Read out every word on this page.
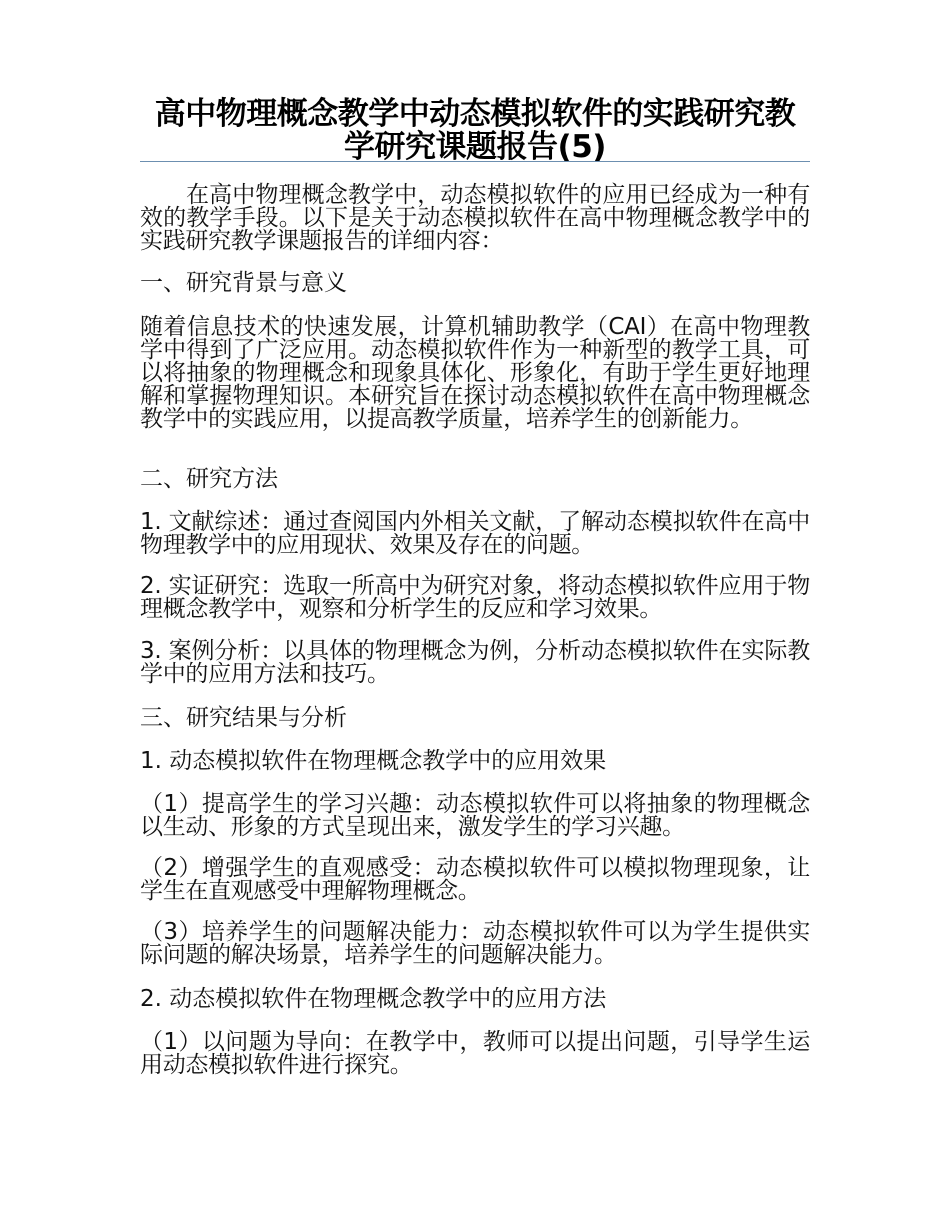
高中物理概念教学中动态模拟软件的实践研究教学研究课题报告(5)
在高中物理概念教学中，动态模拟软件的应用已经成为一种有效的教学手段。以下是关于动态模拟软件在高中物理概念教学中的实践研究教学课题报告的详细内容：
一、研究背景与意义
随着信息技术的快速发展，计算机辅助教学（CAI）在高中物理教学中得到了广泛应用。动态模拟软件作为一种新型的教学工具，可以将抽象的物理概念和现象具体化、形象化，有助于学生更好地理解和掌握物理知识。本研究旨在探讨动态模拟软件在高中物理概念教学中的实践应用，以提高教学质量，培养学生的创新能力。
二、研究方法
1. 文献综述：通过查阅国内外相关文献，了解动态模拟软件在高中物理教学中的应用现状、效果及存在的问题。
2. 实证研究：选取一所高中为研究对象，将动态模拟软件应用于物理概念教学中，观察和分析学生的反应和学习效果。
3. 案例分析：以具体的物理概念为例，分析动态模拟软件在实际教学中的应用方法和技巧。
三、研究结果与分析
1. 动态模拟软件在物理概念教学中的应用效果
（1）提高学生的学习兴趣：动态模拟软件可以将抽象的物理概念以生动、形象的方式呈现出来，激发学生的学习兴趣。
（2）增强学生的直观感受：动态模拟软件可以模拟物理现象，让学生在直观感受中理解物理概念。
（3）培养学生的问题解决能力：动态模拟软件可以为学生提供实际问题的解决场景，培养学生的问题解决能力。
2. 动态模拟软件在物理概念教学中的应用方法
（1）以问题为导向：在教学中，教师可以提出问题，引导学生运用动态模拟软件进行探究。
